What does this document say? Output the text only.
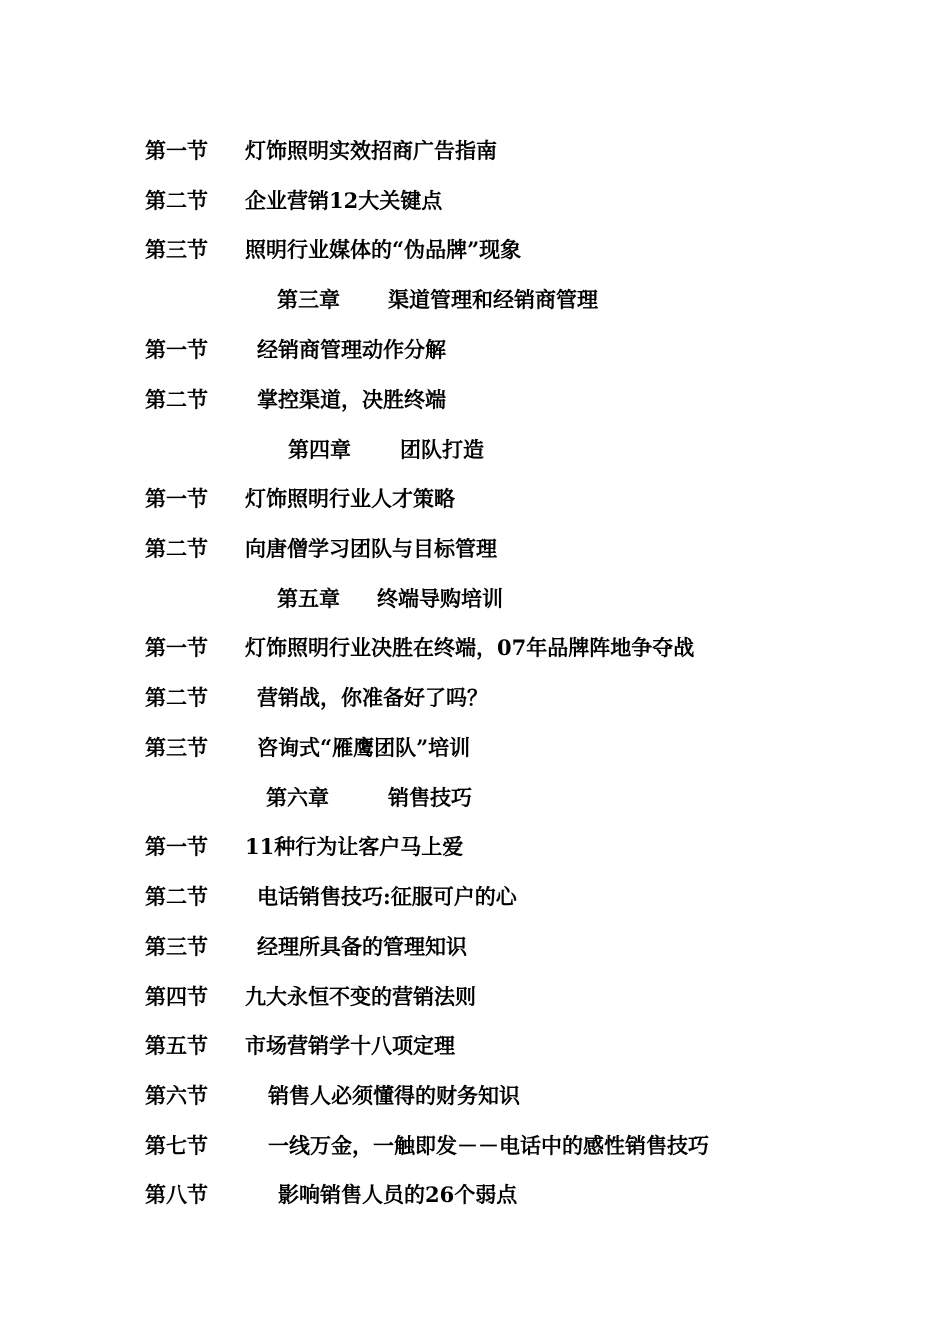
第一节 灯饰照明实效招商广告指南
第二节 企业营销12大关键点
第三节 照明行业媒体的“伪品牌”现象
第三章 渠道管理和经销商管理
第一节 经销商管理动作分解
第二节 掌控渠道，决胜终端
第四章 团队打造
第一节 灯饰照明行业人才策略
第二节 向唐僧学习团队与目标管理
第五章 终端导购培训
第一节 灯饰照明行业决胜在终端，07年品牌阵地争夺战
第二节 营销战，你准备好了吗？
第三节 咨询式“雁鹰团队”培训
第六章	销售技巧
第一节 11种行为让客户马上爱
第二节 电话销售技巧:征服可户的心
第三节 经理所具备的管理知识
第四节 九大永恒不变的营销法则
第五节 市场营销学十八项定理
第六节	销售人必须懂得的财务知识
第七节	一线万金，一触即发－－电话中的感性销售技巧
第八节	影响销售人员的26个弱点
